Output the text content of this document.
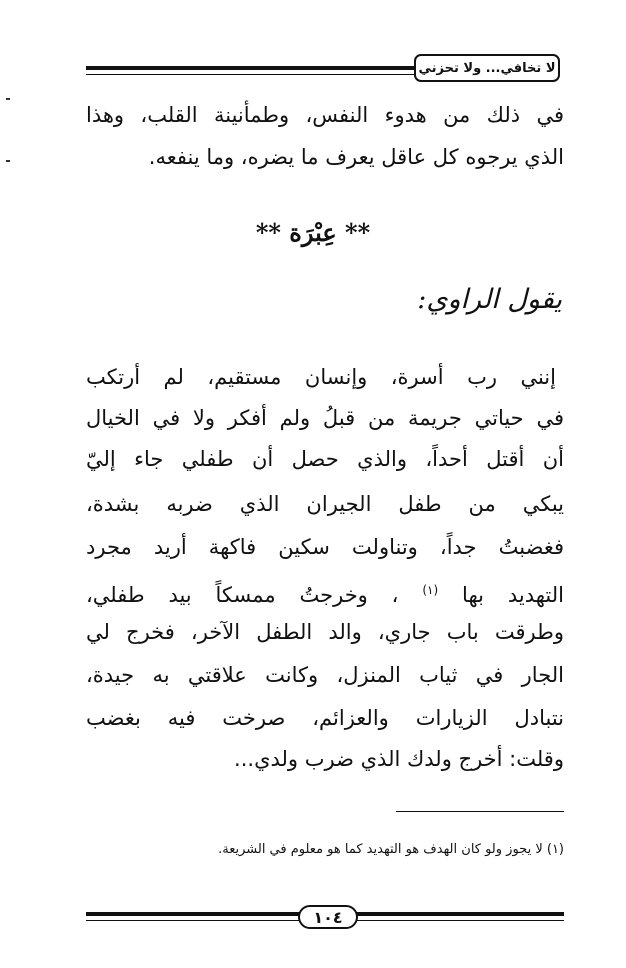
لا تخافي... ولا تحزني
في ذلك من هدوء النفس، وطمأنينة القلب، وهذا
الذي يرجوه كل عاقل يعرف ما يضره، وما ينفعه.
** عِبْرَة **
يقول الراوي:
إنني رب أسرة، وإنسان مستقيم، لم أرتكب
في حياتي جريمة من قبلُ ولم أفكر ولا في الخيال
أن أقتل أحداً، والذي حصل أن طفلي جاء إليّ
يبكي من طفل الجيران الذي ضربه بشدة،
فغضبتُ جداً، وتناولت سكين فاكهة أريد مجرد
التهديد بها $^{(١)}$ ، وخرجتُ ممسكاً بيد طفلي،
وطرقت باب جاري، والد الطفل الآخر، فخرج لي
الجار في ثياب المنزل، وكانت علاقتي به جيدة،
نتبادل الزيارات والعزائم، صرخت فيه بغضب
وقلت: أخرج ولدك الذي ضرب ولدي...
(١) لا يجوز ولو كان الهدف هو التهديد كما هو معلوم في الشريعة.
١٠٤
